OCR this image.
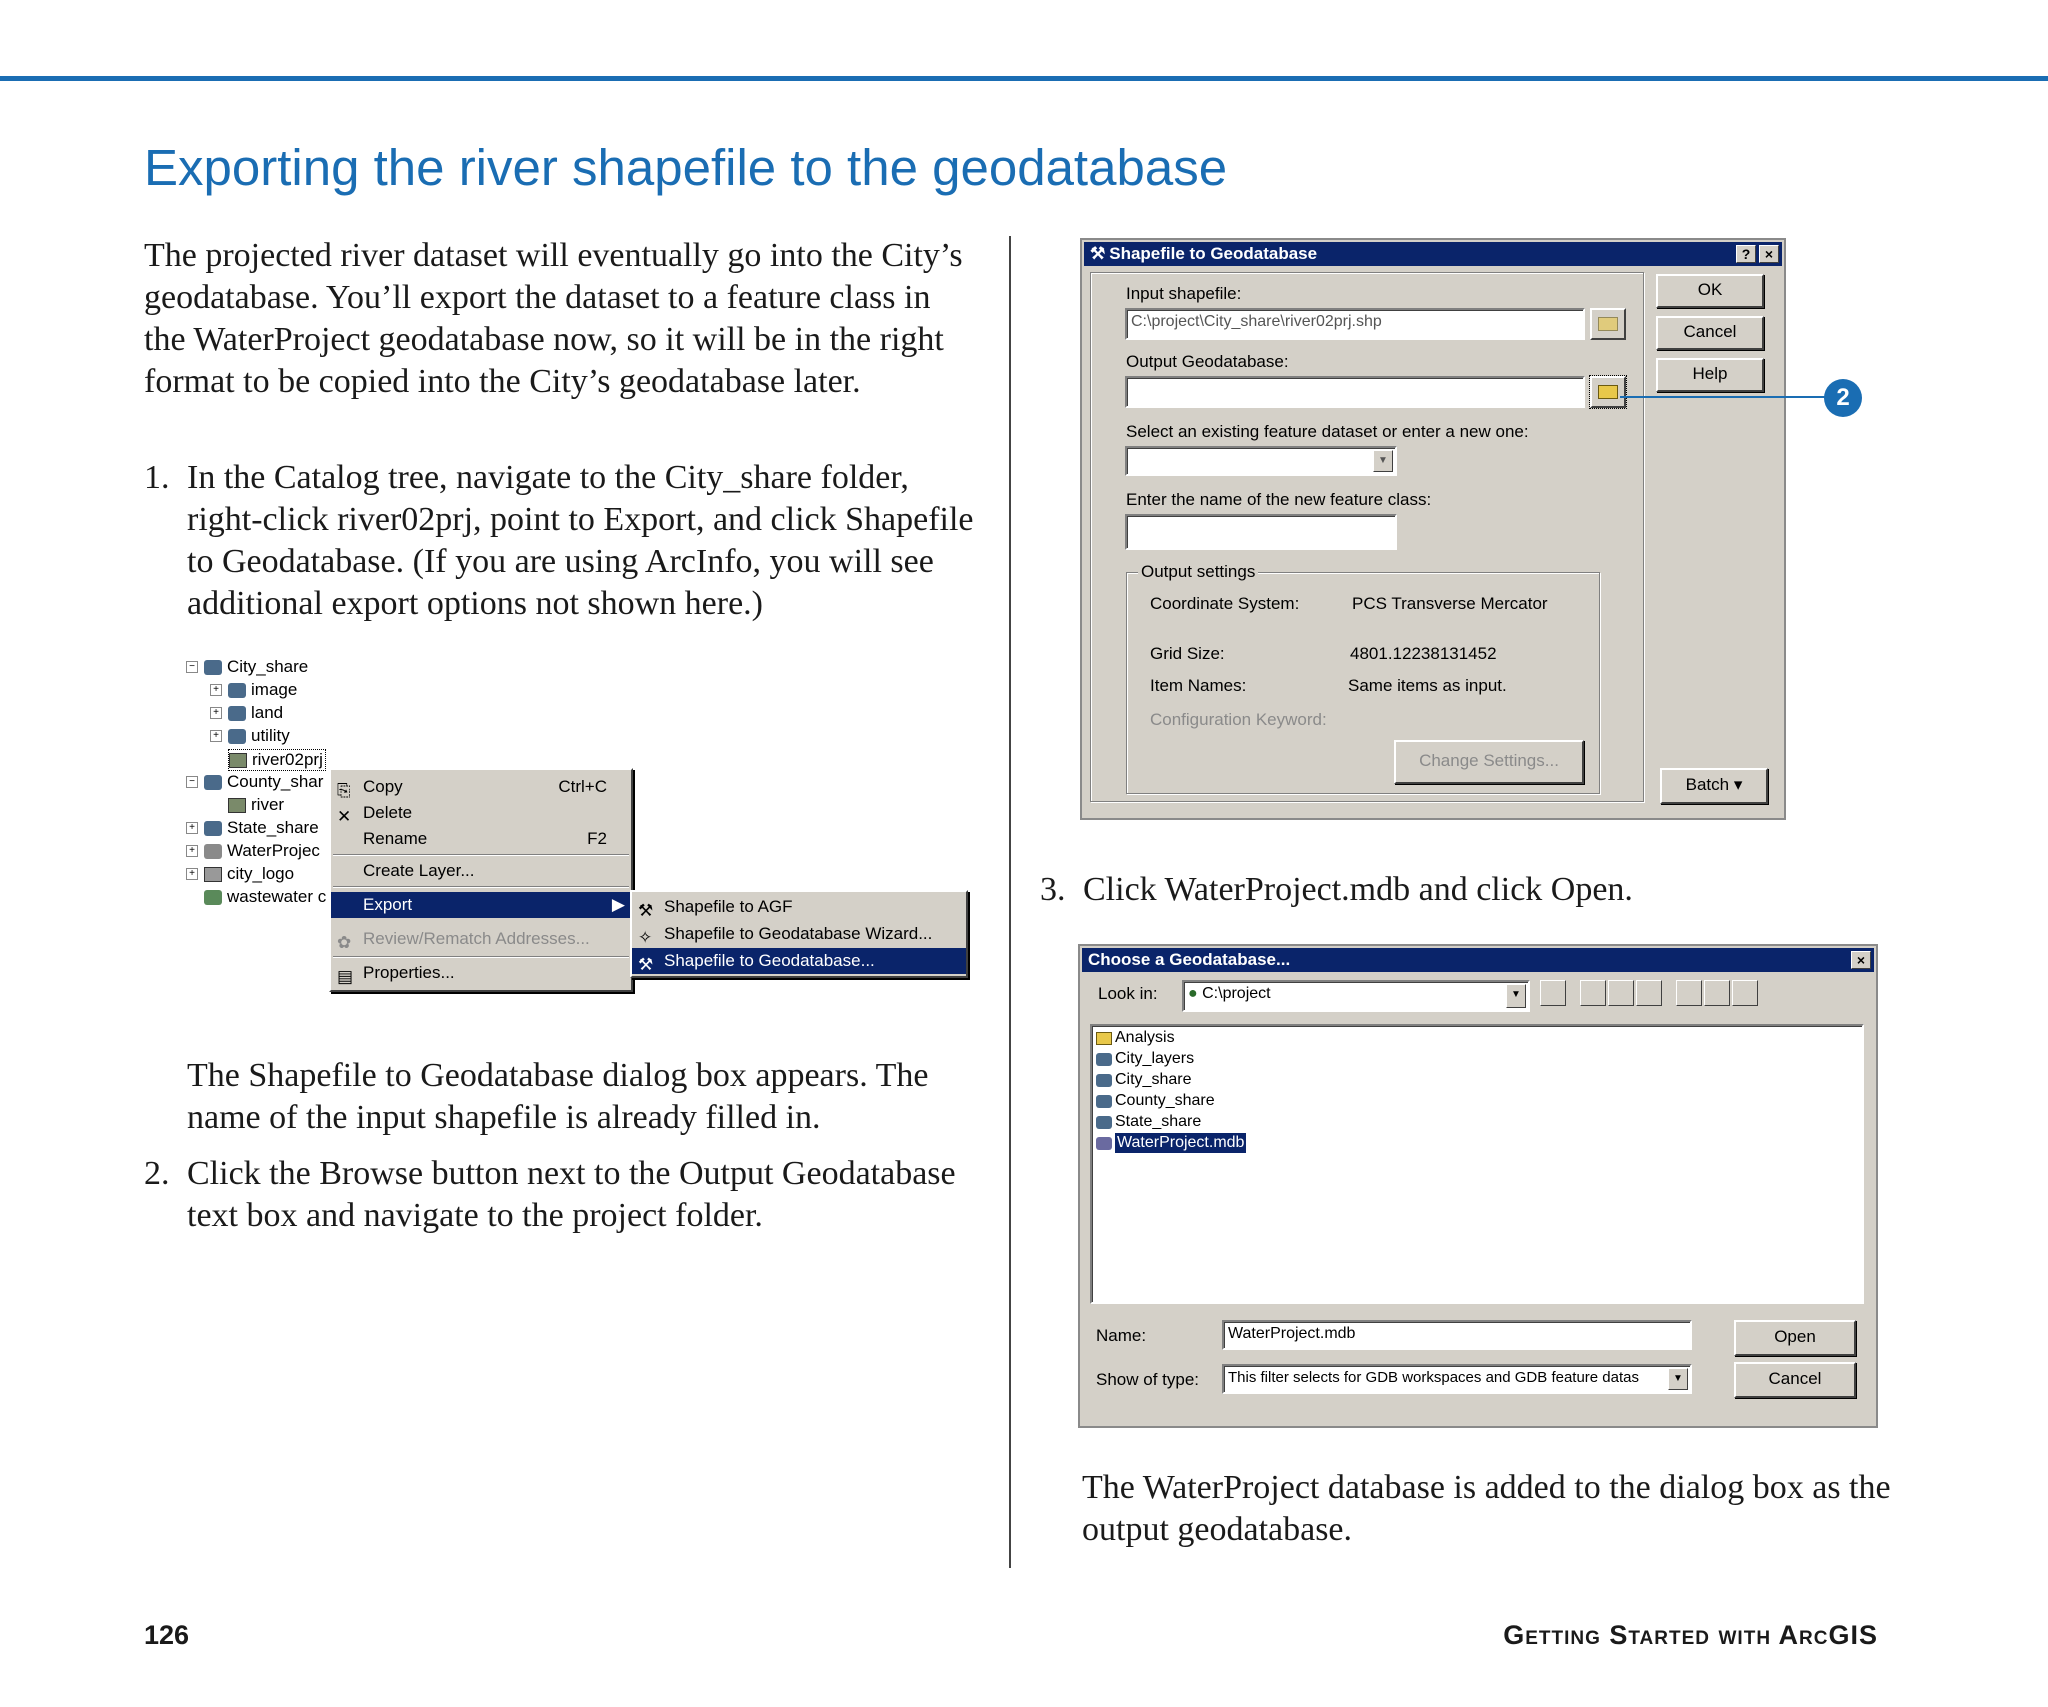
Exporting the river shapefile to the geodatabase
The projected river dataset will eventually go into the City’s geodatabase. You’ll export the dataset to a feature class in the WaterProject geodatabase now, so it will be in the right format to be copied into the City’s geodatabase later.
1. In the Catalog tree, navigate to the City_share folder, right-click river02prj, point to Export, and click Shapefile to Geodatabase. (If you are using ArcInfo, you will see additional export options not shown here.)
− City_share
+ image
+ land
+ utility
river02prj
− County_shar
river
+ State_share
+ WaterProjec
+ city_logo
wastewater c
⎘ Copy	Ctrl+C
✕ Delete
Rename	F2
Create Layer...
Export	▶
✿ Review/Rematch Addresses...
▤ Properties...
⚒ Shapefile to AGF
✧ Shapefile to Geodatabase Wizard...
⚒ Shapefile to Geodatabase...
The Shapefile to Geodatabase dialog box appears. The name of the input shapefile is already filled in.
2. Click the Browse button next to the Output Geodatabase text box and navigate to the project folder.
⚒ Shapefile to Geodatabase	?	×
Input shapefile:
C:\project\City_share\river02prj.shp
Output Geodatabase:
Select an existing feature dataset or enter a new one:
▼
Enter the name of the new feature class:
Output settings
Coordinate System:	PCS Transverse Mercator
Grid Size:	4801.12238131452
Item Names:	Same items as input.
Configuration Keyword:
Change Settings...
OK
Cancel
Help
Batch ▾
2
3. Click WaterProject.mdb and click Open.
Choose a Geodatabase...	×
Look in:	● C:\project	▼
Analysis
City_layers
City_share
County_share
State_share
WaterProject.mdb
Name:	WaterProject.mdb	Open
Show of type:	This filter selects for GDB workspaces and GDB feature datas	▼	Cancel
The WaterProject database is added to the dialog box as the output geodatabase.
126	Getting Started with ArcGIS
